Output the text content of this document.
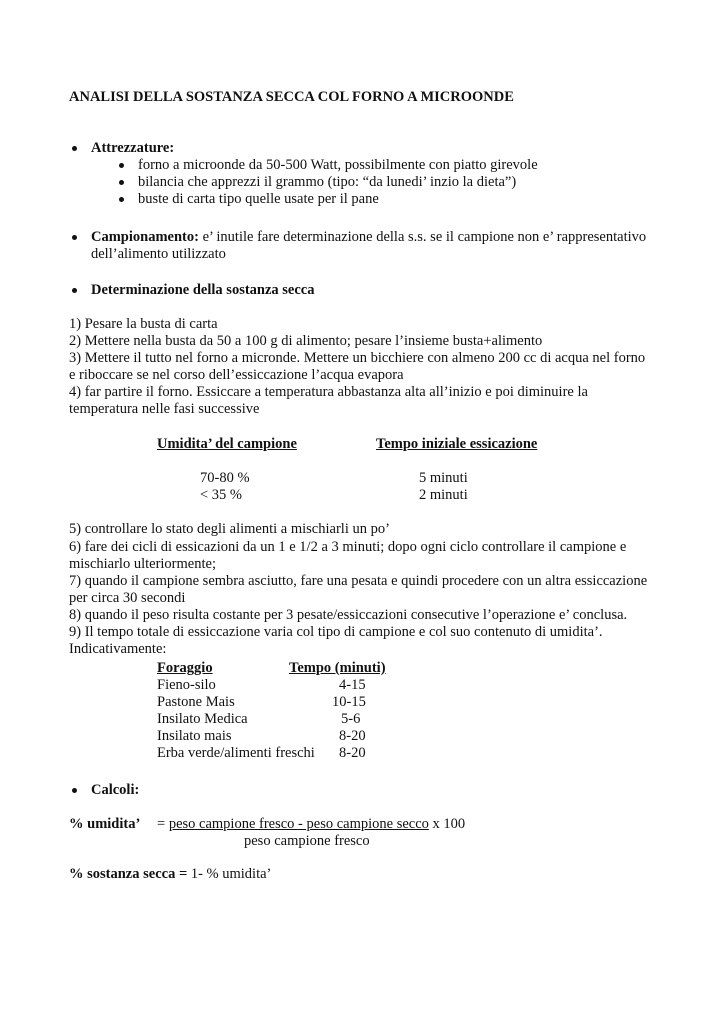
ANALISI DELLA SOSTANZA SECCA COL FORNO A MICROONDE
Attrezzature:
forno a microonde da 50-500 Watt, possibilmente con piatto girevole
bilancia che apprezzi il grammo (tipo: “da lunedi’ inzio la dieta”)
buste di carta tipo quelle usate per il pane
Campionamento: e’ inutile fare determinazione della s.s. se il campione non e’ rappresentativo
dell’alimento utilizzato
Determinazione della sostanza secca
1) Pesare la busta di carta
2) Mettere nella busta da 50 a 100 g di alimento; pesare l’insieme busta+alimento
3) Mettere il tutto nel forno a micronde. Mettere un bicchiere con almeno 200 cc di acqua nel forno
e riboccare se nel corso dell’essiccazione l’acqua evapora
4) far partire il forno. Essiccare a temperatura abbastanza alta all’inizio e poi diminuire la
temperatura nelle fasi successive
Umidita’ del campione	Tempo iniziale essicazione
70-80 %	5 minuti
< 35 %	2 minuti
5) controllare lo stato degli alimenti a mischiarli un po’
6) fare dei cicli di essicazioni da un 1 e 1/2 a 3 minuti; dopo ogni ciclo controllare il campione e
mischiarlo ulteriormente;
7) quando il campione sembra asciutto, fare una pesata e quindi procedere con un altra essiccazione
per circa 30 secondi
8) quando il peso risulta costante per 3 pesate/essiccazioni consecutive l’operazione e’ conclusa.
9) Il tempo totale di essiccazione varia col tipo di campione e col suo contenuto di umidita’.
Indicativamente:
Foraggio	Tempo (minuti)
Fieno-silo	4-15
Pastone Mais	10-15
Insilato Medica	5-6
Insilato mais	8-20
Erba verde/alimenti freschi 8-20
Calcoli:
% umidita’ = peso campione fresco - peso campione secco x 100
peso campione fresco
% sostanza secca = 1- % umidita’
